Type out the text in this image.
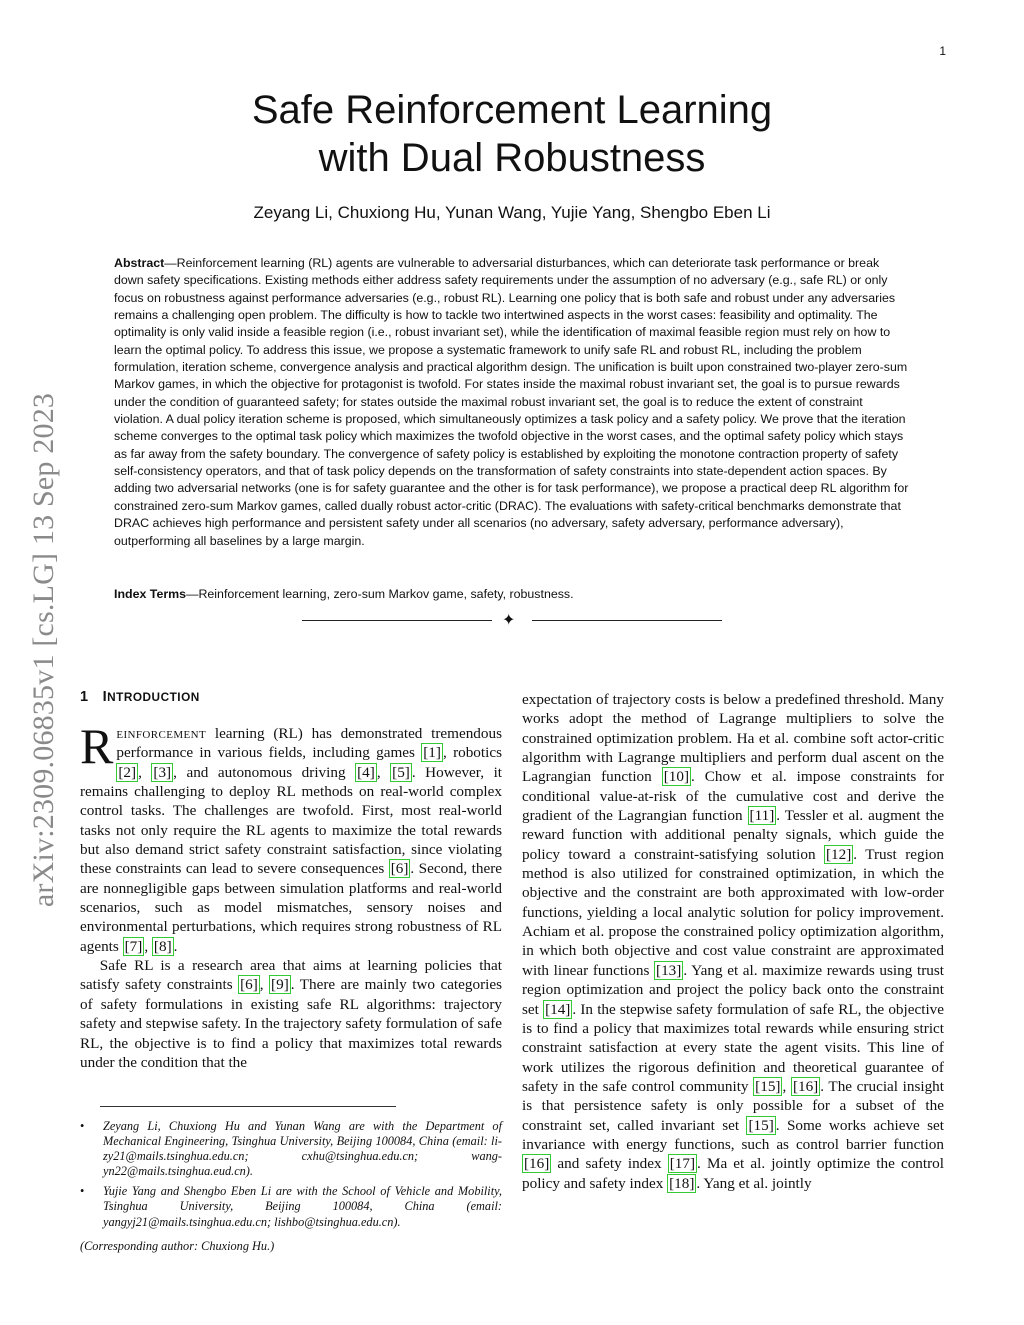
1
arXiv:2309.06835v1 [cs.LG] 13 Sep 2023
Safe Reinforcement Learning
with Dual Robustness
Zeyang Li, Chuxiong Hu, Yunan Wang, Yujie Yang, Shengbo Eben Li

Abstract—Reinforcement learning (RL) agents are vulnerable to adversarial disturbances, which can deteriorate task performance or break down safety specifications. Existing methods either address safety requirements under the assumption of no adversary (e.g., safe RL) or only focus on robustness against performance adversaries (e.g., robust RL). Learning one policy that is both safe and robust under any adversaries remains a challenging open problem. The difficulty is how to tackle two intertwined aspects in the worst cases: feasibility and optimality. The optimality is only valid inside a feasible region (i.e., robust invariant set), while the identification of maximal feasible region must rely on how to learn the optimal policy. To address this issue, we propose a systematic framework to unify safe RL and robust RL, including the problem formulation, iteration scheme, convergence analysis and practical algorithm design. The unification is built upon constrained two-player zero-sum Markov games, in which the objective for protagonist is twofold. For states inside the maximal robust invariant set, the goal is to pursue rewards under the condition of guaranteed safety; for states outside the maximal robust invariant set, the goal is to reduce the extent of constraint violation. A dual policy iteration scheme is proposed, which simultaneously optimizes a task policy and a safety policy. We prove that the iteration scheme converges to the optimal task policy which maximizes the twofold objective in the worst cases, and the optimal safety policy which stays as far away from the safety boundary. The convergence of safety policy is established by exploiting the monotone contraction property of safety self-consistency operators, and that of task policy depends on the transformation of safety constraints into state-dependent action spaces. By adding two adversarial networks (one is for safety guarantee and the other is for task performance), we propose a practical deep RL algorithm for constrained zero-sum Markov games, called dually robust actor-critic (DRAC). The evaluations with safety-critical benchmarks demonstrate that DRAC achieves high performance and persistent safety under all scenarios (no adversary, safety adversary, performance adversary), outperforming all baselines by a large margin.

Index Terms—Reinforcement learning, zero-sum Markov game, safety, robustness.

✦
1 INTRODUCTION

Reinforcement learning (RL) has demonstrated tremendous performance in various fields, including games [1] , robotics [2] , [3] , and autonomous driving [4] , [5] . However, it remains challenging to deploy RL methods on real-world complex control tasks. The challenges are twofold. First, most real-world tasks not only require the RL agents to maximize the total rewards but also demand strict safety constraint satisfaction, since violating these constraints can lead to severe consequences [6] . Second, there are nonnegligible gaps between simulation platforms and real-world scenarios, such as model mismatches, sensory noises and environmental perturbations, which requires strong robustness of RL agents [7] , [8] .

Safe RL is a research area that aims at learning policies that satisfy safety constraints [6] , [9] . There are mainly two categories of safety formulations in existing safe RL algorithms: trajectory safety and stepwise safety. In the trajectory safety formulation of safe RL, the objective is to find a policy that maximizes total rewards under the condition that the

expectation of trajectory costs is below a predefined threshold. Many works adopt the method of Lagrange multipliers to solve the constrained optimization problem. Ha et al. combine soft actor-critic algorithm with Lagrange multipliers and perform dual ascent on the Lagrangian function [10] . Chow et al. impose constraints for conditional value-at-risk of the cumulative cost and derive the gradient of the Lagrangian function [11] . Tessler et al. augment the reward function with additional penalty signals, which guide the policy toward a constraint-satisfying solution [12] . Trust region method is also utilized for constrained optimization, in which the objective and the constraint are both approximated with low-order functions, yielding a local analytic solution for policy improvement. Achiam et al. propose the constrained policy optimization algorithm, in which both objective and cost value constraint are approximated with linear functions [13] . Yang et al. maximize rewards using trust region optimization and project the policy back onto the constraint set [14] . In the stepwise safety formulation of safe RL, the objective is to find a policy that maximizes total rewards while ensuring strict constraint satisfaction at every state the agent visits. This line of work utilizes the rigorous definition and theoretical guarantee of safety in the safe control community [15] , [16] . The crucial insight is that persistence safety is only possible for a subset of the constraint set, called invariant set [15] . Some works achieve set invariance with energy functions, such as control barrier function [16] and safety index [17] . Ma et al. jointly optimize the control policy and safety index [18] . Yang et al. jointly

• Zeyang Li, Chuxiong Hu and Yunan Wang are with the Department of Mechanical Engineering, Tsinghua University, Beijing 100084, China (email: li-zy21@mails.tsinghua.edu.cn; cxhu@tsinghua.edu.cn; wang-yn22@mails.tsinghua.eud.cn).

• Yujie Yang and Shengbo Eben Li are with the School of Vehicle and Mobility, Tsinghua University, Beijing 100084, China (email: yangyj21@mails.tsinghua.edu.cn; lishbo@tsinghua.edu.cn).

(Corresponding author: Chuxiong Hu.)
